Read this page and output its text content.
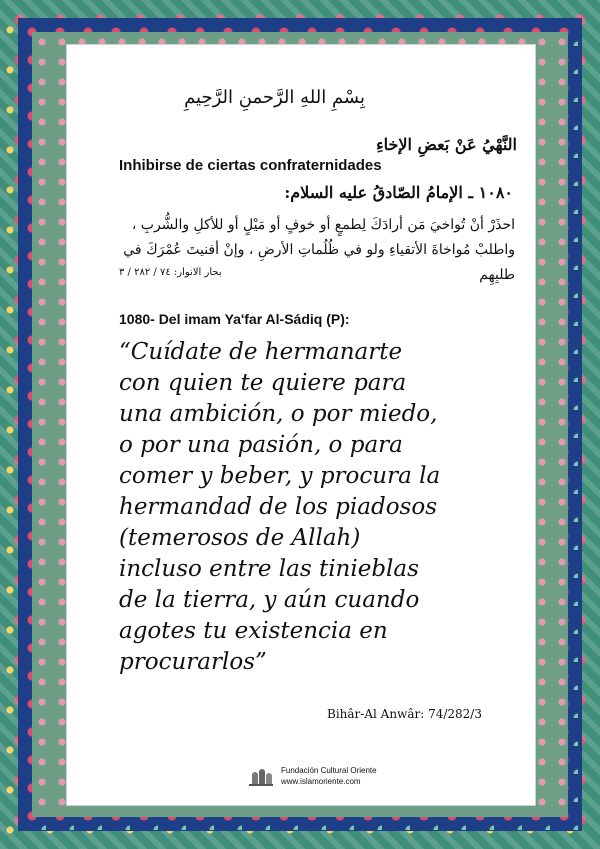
بِسْمِ اللهِ الرَّحمنِ الرَّحِيمِ
النَّهْيُ عَنْ بَعضِ الإخاءِ
Inhibirse de ciertas confraternidades
١٠٨٠ ـ الإمامُ الصّادقُ عليه السلام:
احذَرْ أنْ تُواخيَ مَن أرادَكَ لِطمعٍ أو خوفٍ أو مَيْلٍ أو للأكلِ والشُّربِ ، واطلبْ مُواخاةَ الأتقياءِ ولو في ظُلُماتِ الأرضِ ، وإنْ أفنيتَ عُمْرَكَ في طلبِهِم
بحار الانوار: ٧٤ / ٢٨٢ / ٣
1080- Del imam Ya'far Al-Sádiq (P):
“Cuídate de hermanarte
con quien te quiere para
una ambición, o por miedo,
o por una pasión, o para
comer y beber, y procura la
hermandad de los piadosos
(temerosos de Allah)
incluso entre las tinieblas
de la tierra, y aún cuando
agotes tu existencia en
procurarlos”
Bihâr-Al Anwâr: 74/282/3
Fundación Cultural Oriente
www.islamoriente.com
